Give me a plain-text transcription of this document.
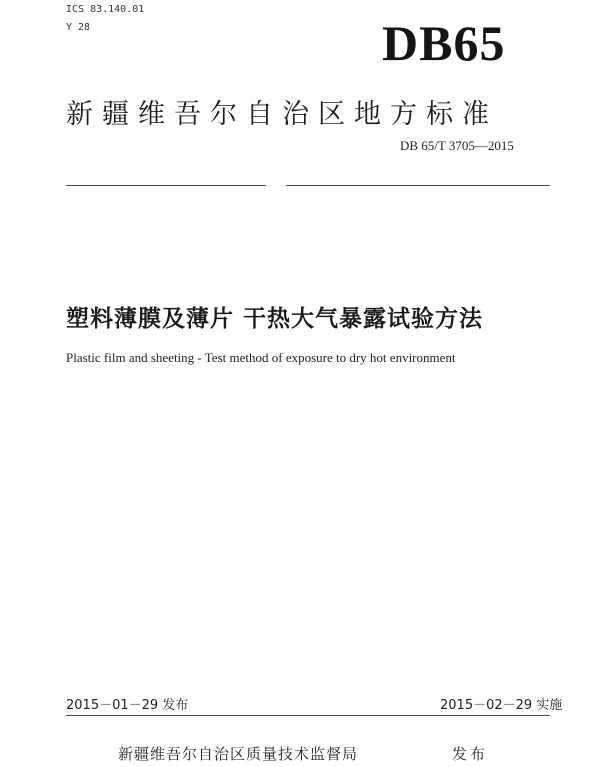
ICS 83.140.01
Y 28	DB65
新疆维吾尔自治区地方标准
DB 65/T 3705—2015
塑料薄膜及薄片 干热大气暴露试验方法
Plastic film and sheeting - Test method of exposure to dry hot environment
2015－01－29 发布	2015－02－29 实施
新疆维吾尔自治区质量技术监督局	发布
